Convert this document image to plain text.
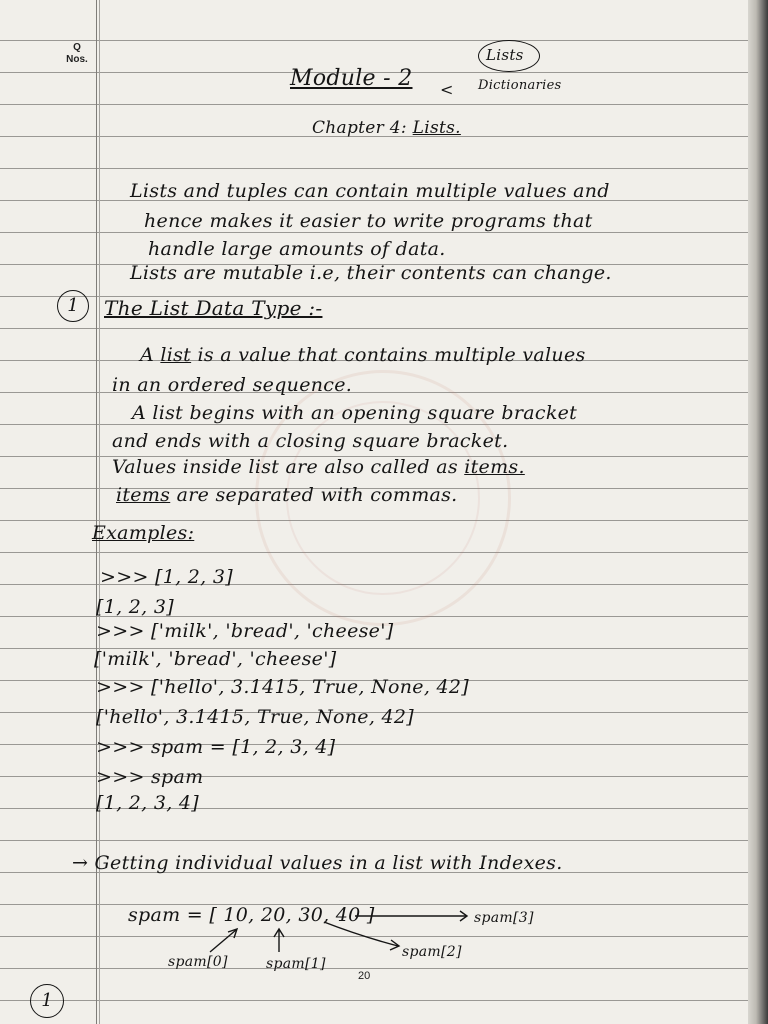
Q
Nos.
Module - 2 <
Lists
Dictionaries
Chapter 4: Lists.
Lists and tuples can contain multiple values and
hence makes it easier to write programs that
handle large amounts of data.
Lists are mutable i.e, their contents can change.
1	The List Data Type :-
A list is a value that contains multiple values
in an ordered sequence.
A list begins with an opening square bracket
and ends with a closing square bracket.
Values inside list are also called as items.
items are separated with commas.
Examples:
>>> [1, 2, 3]
[1, 2, 3]
>>> ['milk', 'bread', 'cheese']
['milk', 'bread', 'cheese']
>>> ['hello', 3.1415, True, None, 42]
['hello', 3.1415, True, None, 42]
>>> spam = [1, 2, 3, 4]
>>> spam
[1, 2, 3, 4]
→ Getting individual values in a list with Indexes.
spam = [ 10, 20, 30, 40 ]
spam[0]	spam[1]
spam[2]
spam[3]
20
1
